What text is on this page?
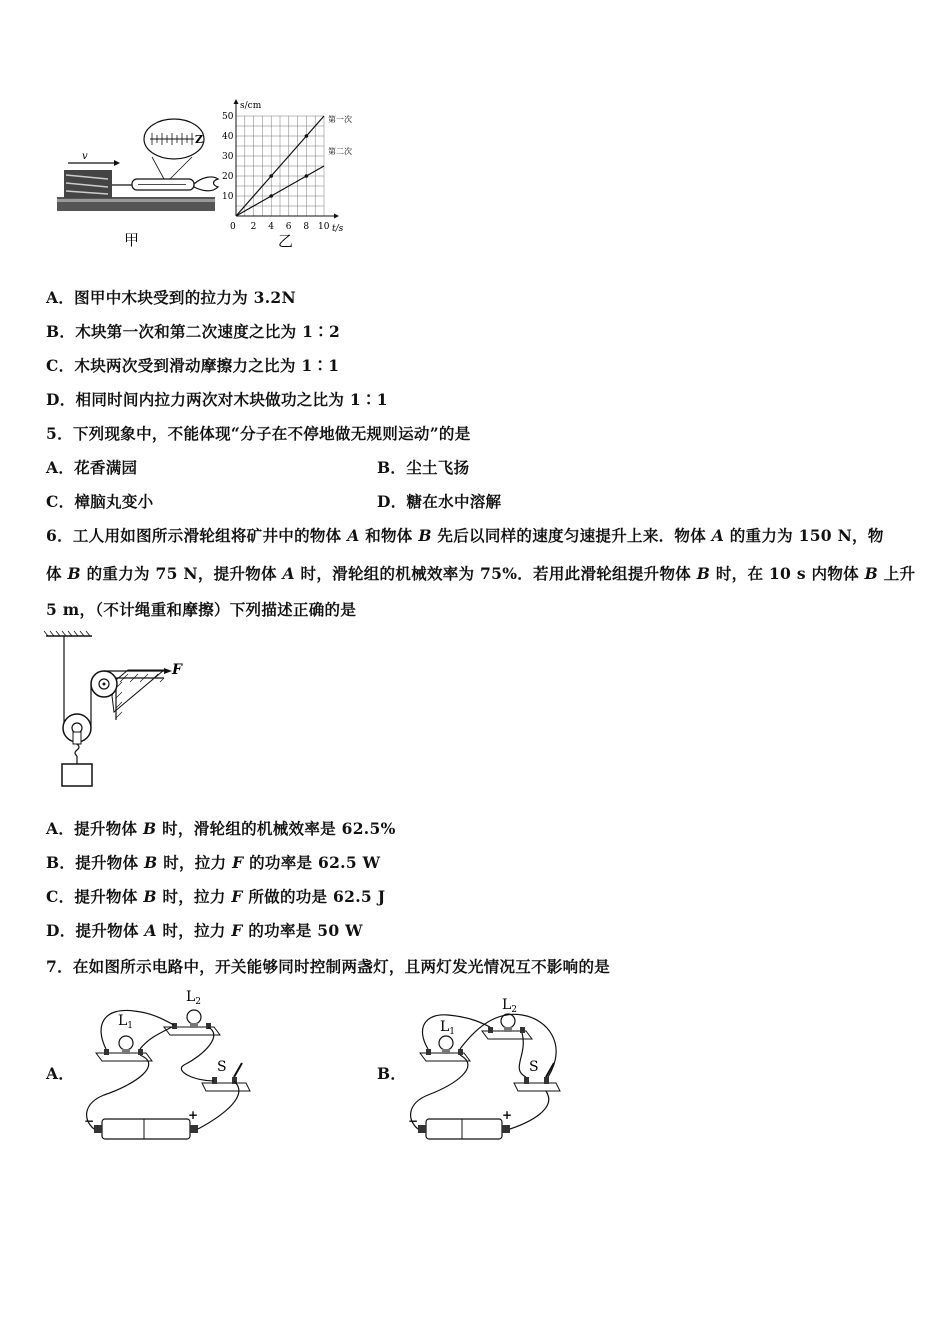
v
Z
甲
t/s
s/cm
0 2 4 6 8 10
10
20
30
40
50	第一次
第二次
乙
A．图甲中木块受到的拉力为 3.2N
B．木块第一次和第二次速度之比为 1∶2
C．木块两次受到滑动摩擦力之比为 1∶1
D．相同时间内拉力两次对木块做功之比为 1∶1
5．下列现象中，不能体现“分子在不停地做无规则运动”的是
A．花香满园	B．尘土飞扬
C．樟脑丸变小	D．糖在水中溶解
6．工人用如图所示滑轮组将矿井中的物体 A 和物体 B 先后以同样的速度匀速提升上来．物体 A 的重力为 150 N，物
体 B 的重力为 75 N，提升物体 A 时，滑轮组的机械效率为 75%．若用此滑轮组提升物体 B 时，在 10 s 内物体 B 上升
5 m，（不计绳重和摩擦）下列描述正确的是
F
A．提升物体 B 时，滑轮组的机械效率是 62.5%
B．提升物体 B 时，拉力 F 的功率是 62.5 W
C．提升物体 B 时，拉力 F 所做的功是 62.5 J
D．提升物体 A 时，拉力 F 的功率是 50 W
7．在如图所示电路中，开关能够同时控制两盏灯，且两灯发光情况互不影响的是
A．	B．
$L_1$
$L_2$
S
−	+
$L_1$
$L_2$
S
−	+
